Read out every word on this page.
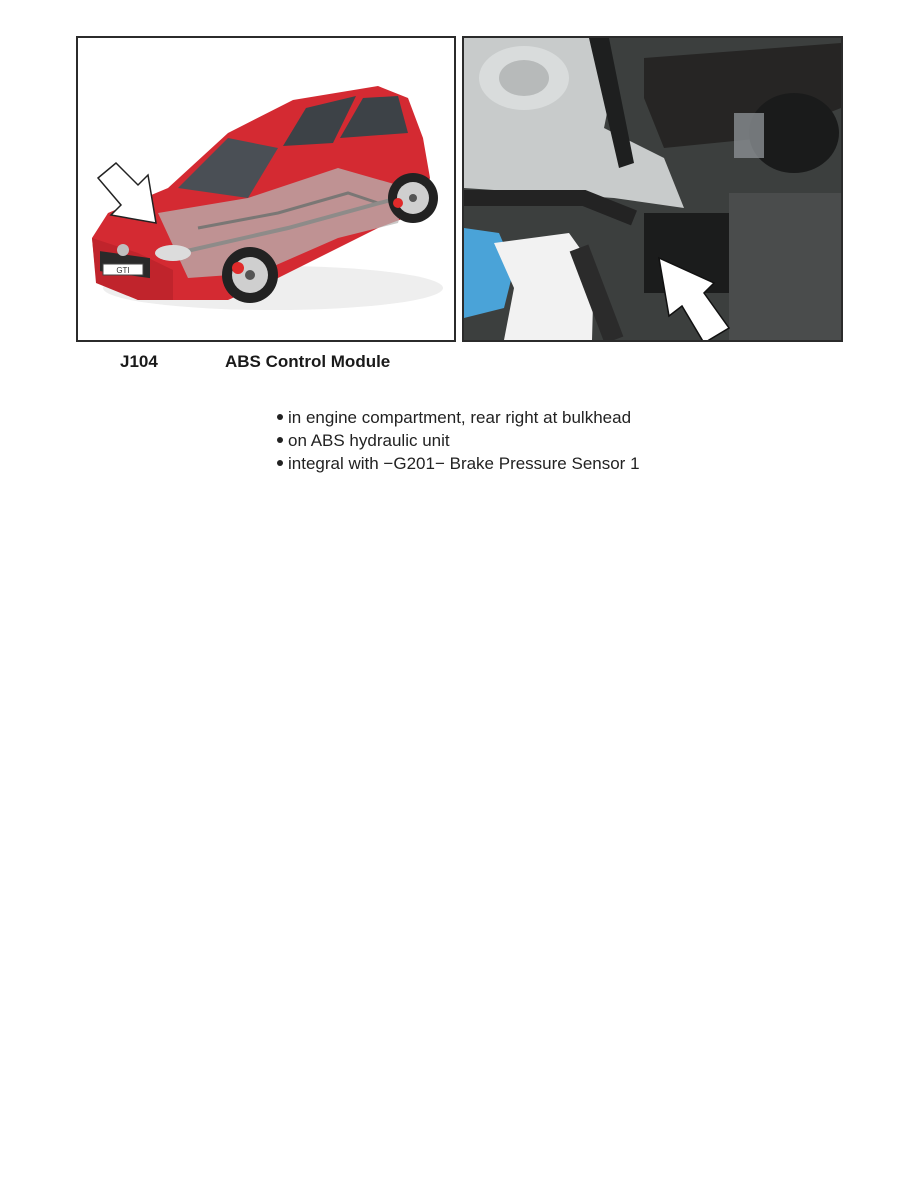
GTI
J104	ABS Control Module
in engine compartment, rear right at bulkhead
on ABS hydraulic unit
integral with −G201− Brake Pressure Sensor 1
